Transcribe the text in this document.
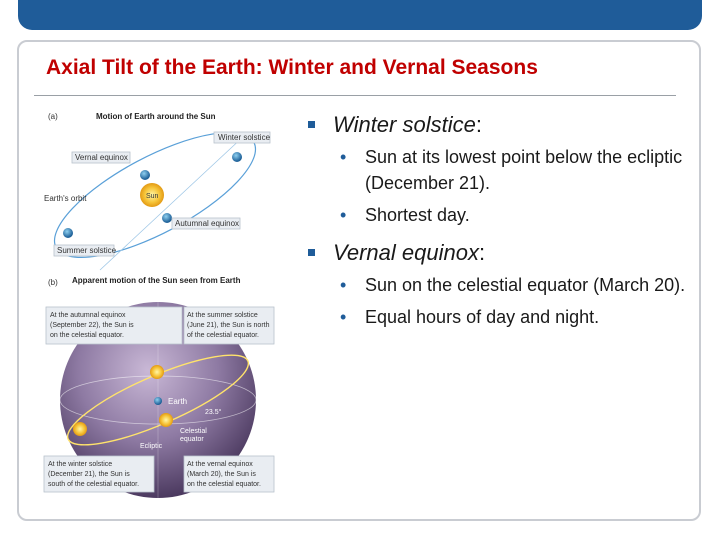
Axial Tilt of the Earth: Winter and Vernal Seasons
(a)	Motion of Earth around the Sun
Sun
Winter solstice
Vernal equinox
Earth's orbit
Autumnal equinox
Summer solstice
(b) Apparent motion of the Sun seen from Earth
Earth
23.5°
Celestial
equator
Ecliptic
At the autumnal equinox
(September 22), the Sun is
on the celestial equator.
At the summer solstice
(June 21), the Sun is north
of the celestial equator.
At the winter solstice
(December 21), the Sun is
south of the celestial equator.
At the vernal equinox
(March 20), the Sun is
on the celestial equator.
Winter solstice:
• Sun at its lowest point below the ecliptic (December 21).
• Shortest day.
Vernal equinox:
• Sun on the celestial equator (March 20).
• Equal hours of day and night.
